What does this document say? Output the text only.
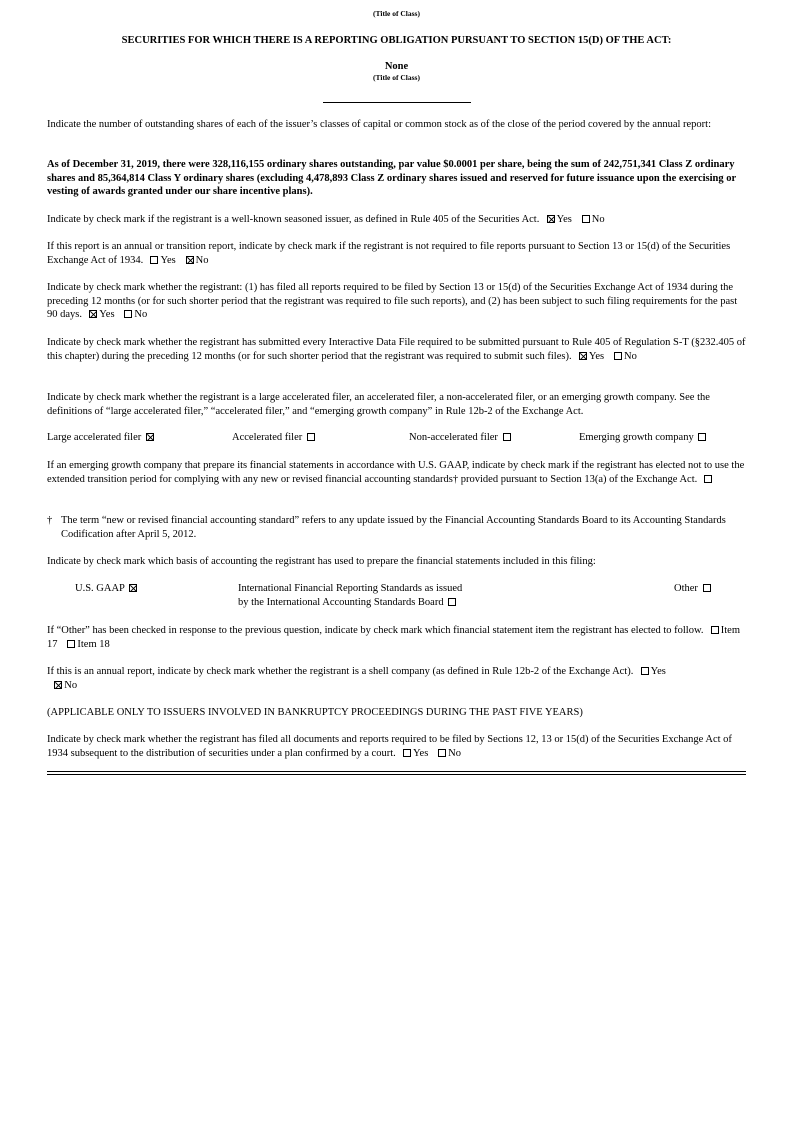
(Title of Class)
SECURITIES FOR WHICH THERE IS A REPORTING OBLIGATION PURSUANT TO SECTION 15(D) OF THE ACT:
None
(Title of Class)

Indicate the number of outstanding shares of each of the issuer’s classes of capital or common stock as of the close of the period covered by the annual report:

As of December 31, 2019, there were 328,116,155 ordinary shares outstanding, par value $0.0001 per share, being the sum of 242,751,341 Class Z ordinary shares and 85,364,814 Class Y ordinary shares (excluding 4,478,893 Class Z ordinary shares issued and reserved for future issuance upon the exercising or vesting of awards granted under our share incentive plans).

Indicate by check mark if the registrant is a well-known seasoned issuer, as defined in Rule 405 of the Securities Act. Yes No

If this report is an annual or transition report, indicate by check mark if the registrant is not required to file reports pursuant to Section 13 or 15(d) of the Securities Exchange Act of 1934. Yes No

Indicate by check mark whether the registrant: (1) has filed all reports required to be filed by Section 13 or 15(d) of the Securities Exchange Act of 1934 during the preceding 12 months (or for such shorter period that the registrant was required to file such reports), and (2) has been subject to such filing requirements for the past 90 days. Yes No

Indicate by check mark whether the registrant has submitted every Interactive Data File required to be submitted pursuant to Rule 405 of Regulation S-T (§232.405 of this chapter) during the preceding 12 months (or for such shorter period that the registrant was required to submit such files). Yes No

Indicate by check mark whether the registrant is a large accelerated filer, an accelerated filer, a non-accelerated filer, or an emerging growth company. See the definitions of “large accelerated filer,” “accelerated filer,” and “emerging growth company” in Rule 12b-2 of the Exchange Act.

Large accelerated filer	Accelerated filer	Non-accelerated filer	Emerging growth company

If an emerging growth company that prepare its financial statements in accordance with U.S. GAAP, indicate by check mark if the registrant has elected not to use the extended transition period for complying with any new or revised financial accounting standards† provided pursuant to Section 13(a) of the Exchange Act.

† The term “new or revised financial accounting standard” refers to any update issued by the Financial Accounting Standards Board to its Accounting Standards Codification after April 5, 2012.

Indicate by check mark which basis of accounting the registrant has used to prepare the financial statements included in this filing:

U.S. GAAP	International Financial Reporting Standards as issued
by the International Accounting Standards Board
Other

If “Other” has been checked in response to the previous question, indicate by check mark which financial statement item the registrant has elected to follow. Item 17 Item 18

If this is an annual report, indicate by check mark whether the registrant is a shell company (as defined in Rule 12b-2 of the Exchange Act). Yes   No

(APPLICABLE ONLY TO ISSUERS INVOLVED IN BANKRUPTCY PROCEEDINGS DURING THE PAST FIVE YEARS)

Indicate by check mark whether the registrant has filed all documents and reports required to be filed by Sections 12, 13 or 15(d) of the Securities Exchange Act of 1934 subsequent to the distribution of securities under a plan confirmed by a court. Yes No
